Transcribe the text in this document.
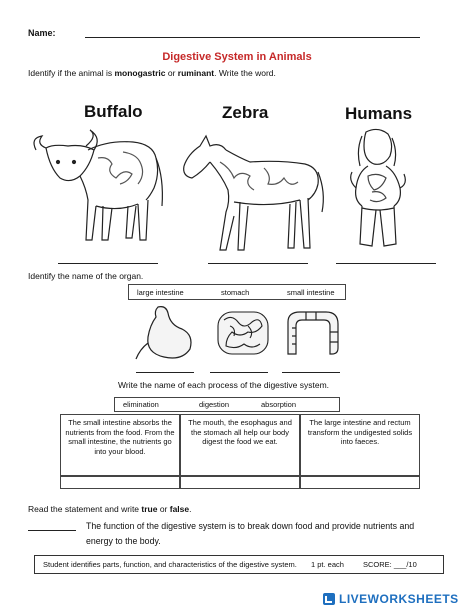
Name:
Digestive System in Animals
Identify if the animal is monogastric or ruminant. Write the word.
Buffalo	Zebra	Humans
Identify the name of the organ.
large intestine	stomach	small intestine
Write the name of each process of the digestive system.
elimination	digestion	absorption
The small intestine absorbs the nutrients from the food. From the small intestine, the nutrients go into your blood.
The mouth, the esophagus and the stomach all help our body digest the food we eat.
The large intestine and rectum transform the undigested solids into faeces.
Read the statement and write true or false.
The function of the digestive system is to break down food and provide nutrients and
energy to the body.
Student identifies parts, function, and characteristics of the digestive system. 1 pt. each	SCORE: ___/10
LIVEWORKSHEETS
